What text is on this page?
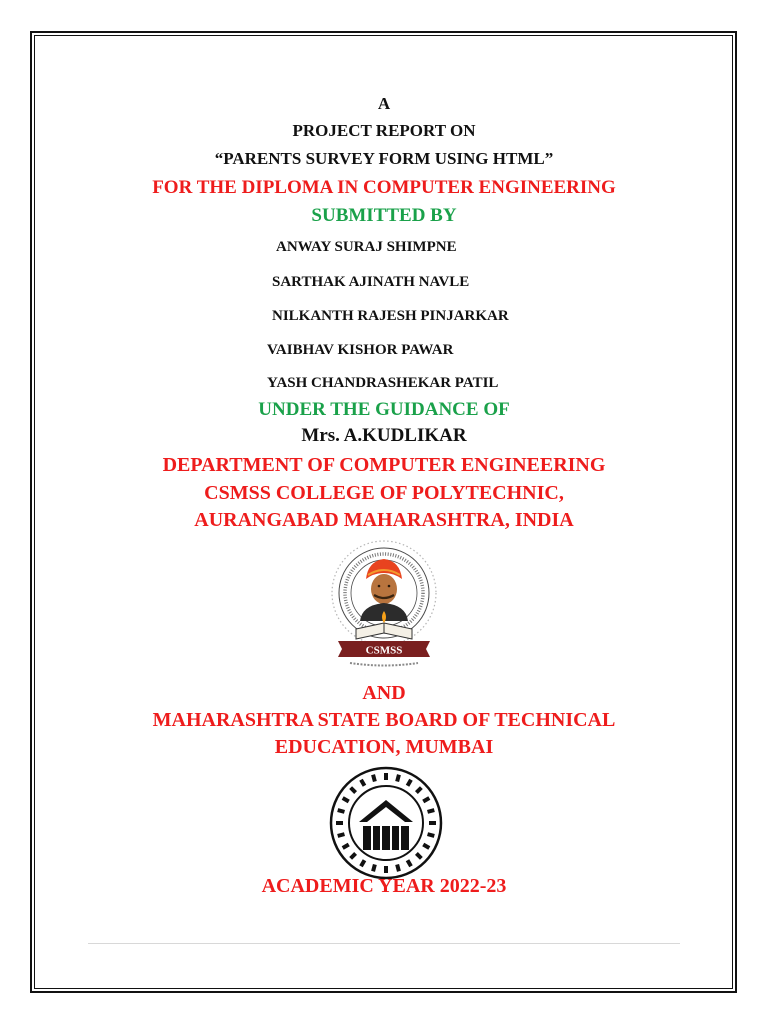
A
PROJECT REPORT ON
“PARENTS SURVEY FORM USING HTML”
FOR THE DIPLOMA IN COMPUTER ENGINEERING
SUBMITTED BY
ANWAY SURAJ SHIMPNE
SARTHAK AJINATH NAVLE
NILKANTH RAJESH PINJARKAR
VAIBHAV KISHOR PAWAR
YASH CHANDRASHEKAR PATIL
UNDER THE GUIDANCE OF
Mrs. A.KUDLIKAR
DEPARTMENT OF COMPUTER ENGINEERING
CSMSS COLLEGE OF POLYTECHNIC,
AURANGABAD MAHARASHTRA, INDIA
CSMSS
AND
MAHARASHTRA STATE BOARD OF TECHNICAL
EDUCATION, MUMBAI
ACADEMIC YEAR 2022-23
